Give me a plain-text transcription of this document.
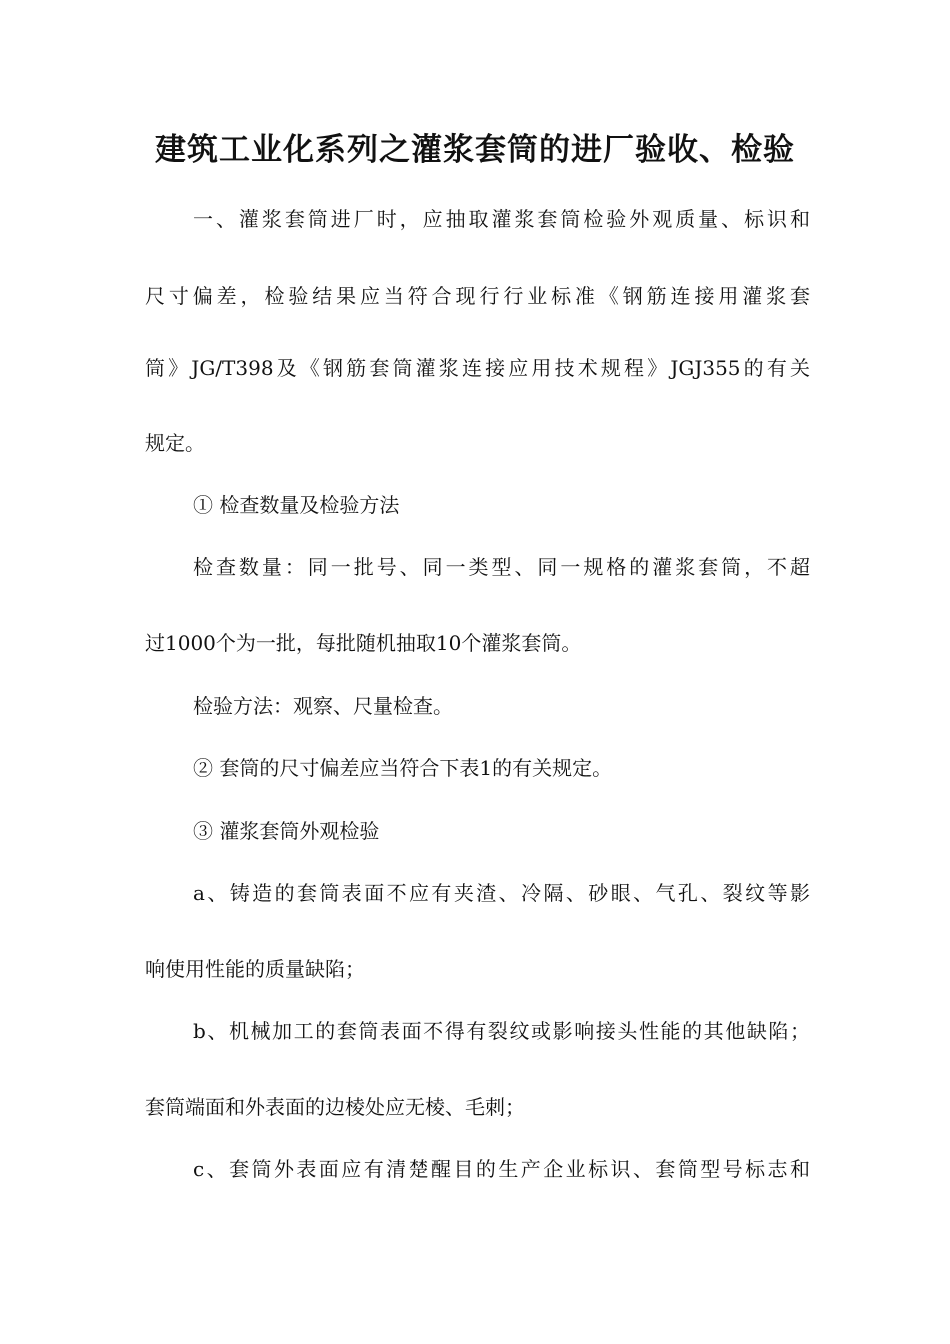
建筑工业化系列之灌浆套筒的进厂验收、检验
一、灌浆套筒进厂时，应抽取灌浆套筒检验外观质量、标识和
尺寸偏差，检验结果应当符合现行行业标准《钢筋连接用灌浆套
筒》JG/T398及《钢筋套筒灌浆连接应用技术规程》JGJ355的有关
规定。
① 检查数量及检验方法
检查数量：同一批号、同一类型、同一规格的灌浆套筒，不超
过1000个为一批，每批随机抽取10个灌浆套筒。
检验方法：观察、尺量检查。
② 套筒的尺寸偏差应当符合下表1的有关规定。
③ 灌浆套筒外观检验
a、铸造的套筒表面不应有夹渣、冷隔、砂眼、气孔、裂纹等影
响使用性能的质量缺陷；
b、机械加工的套筒表面不得有裂纹或影响接头性能的其他缺陷；
套筒端面和外表面的边棱处应无棱、毛刺；
c、套筒外表面应有清楚醒目的生产企业标识、套筒型号标志和
